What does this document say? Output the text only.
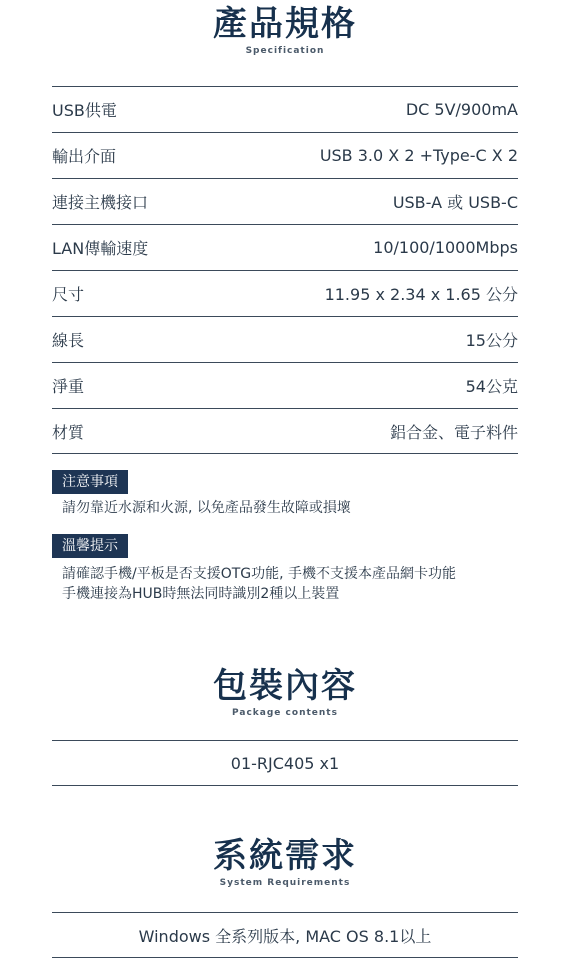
產品規格
Specification
USB供電	DC 5V/900mA
輸出介面	USB 3.0 X 2 +Type-C X 2
連接主機接口	USB-A 或 USB-C
LAN傳輸速度	10/100/1000Mbps
尺寸	11.95 x 2.34 x 1.65 公分
線長	15公分
淨重	54公克
材質	鋁合金、電子料件
注意事項
請勿靠近水源和火源, 以免產品發生故障或損壞
溫馨提示
請確認手機/平板是否支援OTG功能, 手機不支援本產品網卡功能
手機連接為HUB時無法同時識別2種以上裝置
包裝內容
Package contents
01-RJC405 x1
系統需求
System Requirements
Windows 全系列版本, MAC OS 8.1以上
